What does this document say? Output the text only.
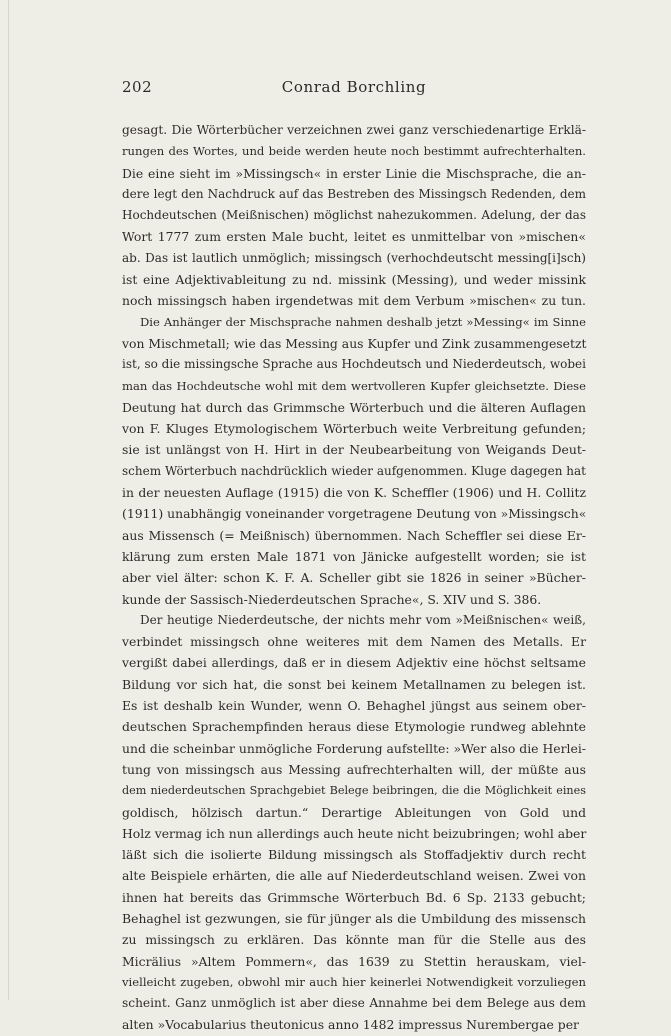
202	Conrad Borchling
gesagt. Die Wörterbücher verzeichnen zwei ganz verschiedenartige Erklä-
rungen des Wortes, und beide werden heute noch bestimmt aufrechterhalten.
Die eine sieht im »Missingsch« in erster Linie die Mischsprache, die an-
dere legt den Nachdruck auf das Bestreben des Missingsch Redenden, dem
Hochdeutschen (Meißnischen) möglichst nahezukommen. Adelung, der das
Wort 1777 zum ersten Male bucht, leitet es unmittelbar von »mischen«
ab. Das ist lautlich unmöglich; missingsch (verhochdeutscht messing[i]sch)
ist eine Adjektivableitung zu nd. missink (Messing), und weder missink
noch missingsch haben irgendetwas mit dem Verbum »mischen« zu tun.
Die Anhänger der Mischsprache nahmen deshalb jetzt »Messing« im Sinne
von Mischmetall; wie das Messing aus Kupfer und Zink zusammengesetzt
ist, so die missingsche Sprache aus Hochdeutsch und Niederdeutsch, wobei
man das Hochdeutsche wohl mit dem wertvolleren Kupfer gleichsetzte. Diese
Deutung hat durch das Grimmsche Wörterbuch und die älteren Auflagen
von F. Kluges Etymologischem Wörterbuch weite Verbreitung gefunden;
sie ist unlängst von H. Hirt in der Neubearbeitung von Weigands Deut-
schem Wörterbuch nachdrücklich wieder aufgenommen. Kluge dagegen hat
in der neuesten Auflage (1915) die von K. Scheffler (1906) und H. Collitz
(1911) unabhängig voneinander vorgetragene Deutung von »Missingsch«
aus Missensch (= Meißnisch) übernommen. Nach Scheffler sei diese Er-
klärung zum ersten Male 1871 von Jänicke aufgestellt worden; sie ist
aber viel älter: schon K. F. A. Scheller gibt sie 1826 in seiner »Bücher-
kunde der Sassisch-Niederdeutschen Sprache«, S. XIV und S. 386.
Der heutige Niederdeutsche, der nichts mehr vom »Meißnischen« weiß,
verbindet missingsch ohne weiteres mit dem Namen des Metalls. Er
vergißt dabei allerdings, daß er in diesem Adjektiv eine höchst seltsame
Bildung vor sich hat, die sonst bei keinem Metallnamen zu belegen ist.
Es ist deshalb kein Wunder, wenn O. Behaghel jüngst aus seinem ober-
deutschen Sprachempfinden heraus diese Etymologie rundweg ablehnte
und die scheinbar unmögliche Forderung aufstellte: »Wer also die Herlei-
tung von missingsch aus Messing aufrechterhalten will, der müßte aus
dem niederdeutschen Sprachgebiet Belege beibringen, die die Möglichkeit eines
goldisch, hölzisch dartun.“ Derartige Ableitungen von Gold und
Holz vermag ich nun allerdings auch heute nicht beizubringen; wohl aber
läßt sich die isolierte Bildung missingsch als Stoffadjektiv durch recht
alte Beispiele erhärten, die alle auf Niederdeutschland weisen. Zwei von
ihnen hat bereits das Grimmsche Wörterbuch Bd. 6 Sp. 2133 gebucht;
Behaghel ist gezwungen, sie für jünger als die Umbildung des missensch
zu missingsch zu erklären. Das könnte man für die Stelle aus des
Micrälius »Altem Pommern«, das 1639 zu Stettin herauskam, viel-
vielleicht zugeben, obwohl mir auch hier keinerlei Notwendigkeit vorzuliegen
scheint. Ganz unmöglich ist aber diese Annahme bei dem Belege aus dem
alten »Vocabularius theutonicus anno 1482 impressus Nurembergae per
